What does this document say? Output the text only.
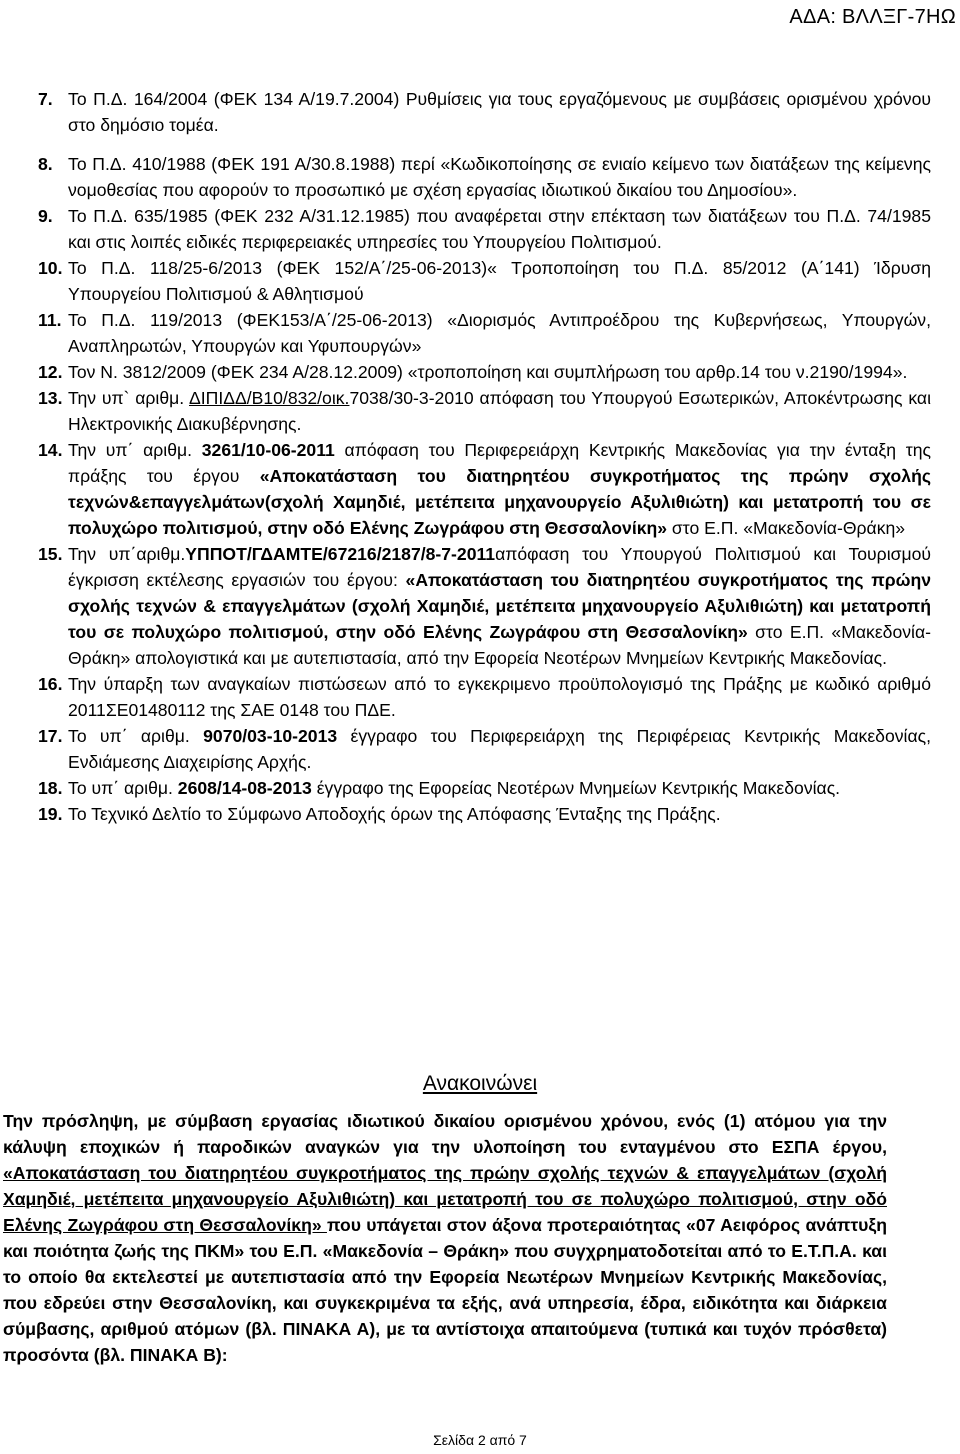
ΑΔΑ: ΒΛΛΞΓ-7ΗΩ
7. Το Π.Δ. 164/2004 (ΦΕΚ 134 Α/19.7.2004) Ρυθμίσεις για τους εργαζόμενους με συμβάσεις ορισμένου χρόνου στο δημόσιο τομέα.
8. Το Π.Δ. 410/1988 (ΦΕΚ 191 Α/30.8.1988) περί «Κωδικοποίησης σε ενιαίο κείμενο των διατάξεων της κείμενης νομοθεσίας που αφορούν το προσωπικό με σχέση εργασίας ιδιωτικού δικαίου του Δημοσίου».
9. Το Π.Δ. 635/1985 (ΦΕΚ 232 Α/31.12.1985) που αναφέρεται στην επέκταση των διατάξεων του Π.Δ. 74/1985 και στις λοιπές ειδικές περιφερειακές υπηρεσίες του Υπουργείου Πολιτισμού.
10. Το Π.Δ. 118/25-6/2013 (ΦΕΚ 152/Α΄/25-06-2013)« Τροποποίηση του Π.Δ. 85/2012 (Α΄141) Ίδρυση Υπουργείου Πολιτισμού & Αθλητισμού
11. Το Π.Δ. 119/2013 (ΦΕΚ153/Α΄/25-06-2013) «Διορισμός Αντιπροέδρου της Κυβερνήσεως, Υπουργών, Αναπληρωτών, Υπουργών και Υφυπουργών»
12. Τον Ν. 3812/2009 (ΦΕΚ 234 Α/28.12.2009) «τροποποίηση και συμπλήρωση του αρθρ.14 του ν.2190/1994».
13. Την υπ` αριθμ. ΔΙΠΙΔΔ/Β10/832/οικ.7038/30-3-2010 απόφαση του Υπουργού Εσωτερικών, Αποκέντρωσης και Ηλεκτρονικής Διακυβέρνησης.
14. Την υπ΄ αριθμ. 3261/10-06-2011 απόφαση του Περιφερειάρχη Κεντρικής Μακεδονίας για την ένταξη της πράξης του έργου «Αποκατάσταση του διατηρητέου συγκροτήματος της πρώην σχολής τεχνών&επαγγελμάτων(σχολή Χαμηδιέ, μετέπειτα μηχανουργείο Αξυλιθιώτη) και μετατροπή του σε πολυχώρο πολιτισμού, στην οδό Ελένης Ζωγράφου στη Θεσσαλονίκη» στο Ε.Π. «Μακεδονία-Θράκη»
15. Την υπ΄αριθμ.ΥΠΠΟΤ/ΓΔΑΜΤΕ/67216/2187/8-7-2011απόφαση του Υπουργού Πολιτισμού και Τουρισμού έγκρισση εκτέλεσης εργασιών του έργου: «Αποκατάσταση του διατηρητέου συγκροτήματος της πρώην σχολής τεχνών & επαγγελμάτων (σχολή Χαμηδιέ, μετέπειτα μηχανουργείο Αξυλιθιώτη) και μετατροπή του σε πολυχώρο πολιτισμού, στην οδό Ελένης Ζωγράφου στη Θεσσαλονίκη» στο Ε.Π. «Μακεδονία-Θράκη» απολογιστικά και με αυτεπιστασία, από την Εφορεία Νεοτέρων Μνημείων Κεντρικής Μακεδονίας.
16. Την ύπαρξη των αναγκαίων πιστώσεων από το εγκεκριμενο προϋπολογισμό της Πράξης με κωδικό αριθμό 2011ΣΕ01480112 της ΣΑΕ 0148 του ΠΔΕ.
17. Το υπ΄ αριθμ. 9070/03-10-2013 έγγραφο του Περιφερειάρχη της Περιφέρειας Κεντρικής Μακεδονίας, Ενδιάμεσης Διαχειρίσης Αρχής.
18. Το υπ΄ αριθμ. 2608/14-08-2013 έγγραφο της Εφορείας Νεοτέρων Μνημείων Κεντρικής Μακεδονίας.
19. Το Τεχνικό Δελτίο το Σύμφωνο Αποδοχής όρων της Απόφασης Ένταξης της Πράξης.
Ανακοινώνει
Την πρόσληψη, με σύμβαση εργασίας ιδιωτικού δικαίου ορισμένου χρόνου, ενός (1) ατόμου για την κάλυψη εποχικών ή παροδικών αναγκών για την υλοποίηση του ενταγμένου στο ΕΣΠΑ έργου, «Αποκατάσταση του διατηρητέου συγκροτήματος της πρώην σχολής τεχνών & επαγγελμάτων (σχολή Χαμηδιέ, μετέπειτα μηχανουργείο Αξυλιθιώτη) και μετατροπή του σε πολυχώρο πολιτισμού, στην οδό Ελένης Ζωγράφου στη Θεσσαλονίκη» που υπάγεται στον άξονα προτεραιότητας «07 Αειφόρος ανάπτυξη και ποιότητα ζωής της ΠΚΜ» του Ε.Π. «Μακεδονία – Θράκη» που συγχρηματοδοτείται από το Ε.Τ.Π.Α. και το οποίο θα εκτελεστεί με αυτεπιστασία από την Εφορεία Νεωτέρων Μνημείων Κεντρικής Μακεδονίας, που εδρεύει στην Θεσσαλονίκη, και συγκεκριμένα τα εξής, ανά υπηρεσία, έδρα, ειδικότητα και διάρκεια σύμβασης, αριθμού ατόμων (βλ. ΠΙΝΑΚΑ Α), με τα αντίστοιχα απαιτούμενα (τυπικά και τυχόν πρόσθετα) προσόντα (βλ. ΠΙΝΑΚΑ Β):
Σελίδα 2 από 7
